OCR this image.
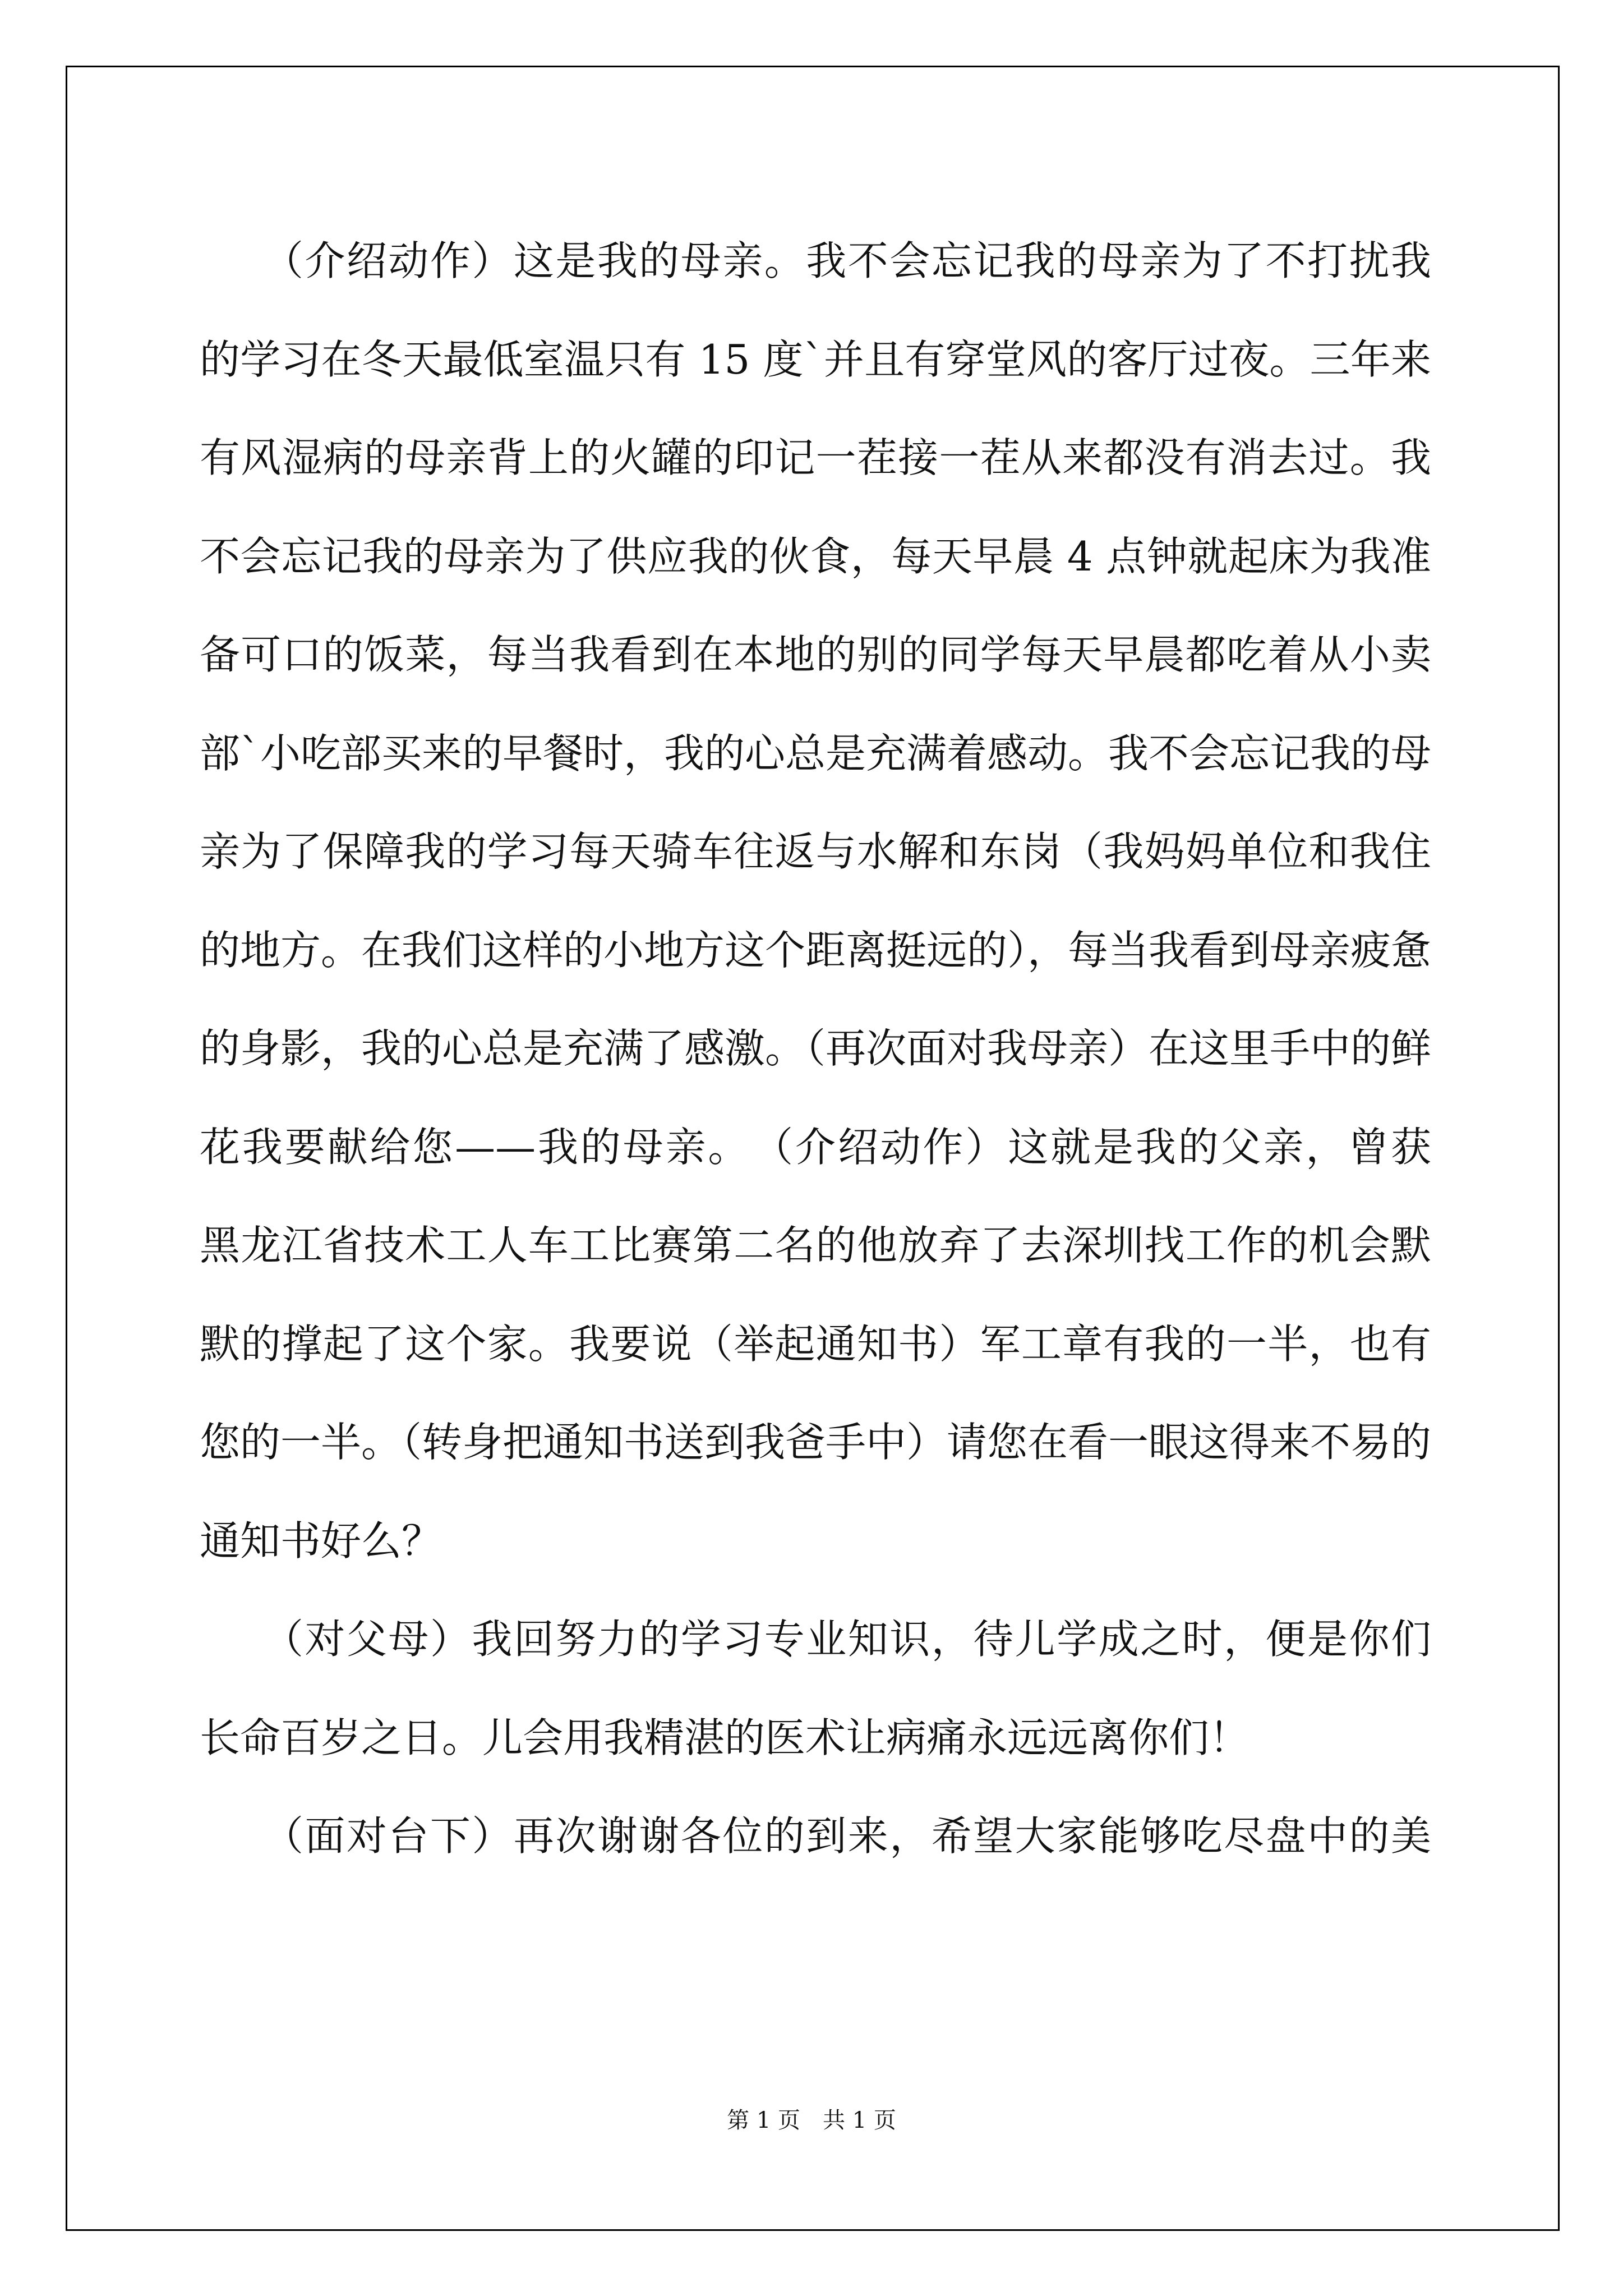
　　（介绍动作）这是我的母亲。我不会忘记我的母亲为了不打扰我
的学习在冬天最低室温只有 15 度`并且有穿堂风的客厅过夜。三年来
有风湿病的母亲背上的火罐的印记一茬接一茬从来都没有消去过。我
不会忘记我的母亲为了供应我的伙食，每天早晨 4 点钟就起床为我准
备可口的饭菜，每当我看到在本地的别的同学每天早晨都吃着从小卖
部`小吃部买来的早餐时，我的心总是充满着感动。我不会忘记我的母
亲为了保障我的学习每天骑车往返与水解和东岗（我妈妈单位和我住
的地方。在我们这样的小地方这个距离挺远的），每当我看到母亲疲惫
的身影，我的心总是充满了感激。（再次面对我母亲）在这里手中的鲜
花我要献给您——我的母亲。　（介绍动作）这就是我的父亲，曾获
黑龙江省技术工人车工比赛第二名的他放弃了去深圳找工作的机会默
默的撑起了这个家。我要说（举起通知书）军工章有我的一半，也有
您的一半。（转身把通知书送到我爸手中）请您在看一眼这得来不易的
通知书好么？
　　（对父母）我回努力的学习专业知识，待儿学成之时，便是你们
长命百岁之日。儿会用我精湛的医术让病痛永远远离你们！
　　（面对台下）再次谢谢各位的到来，希望大家能够吃尽盘中的美
第 1 页　共 1 页
